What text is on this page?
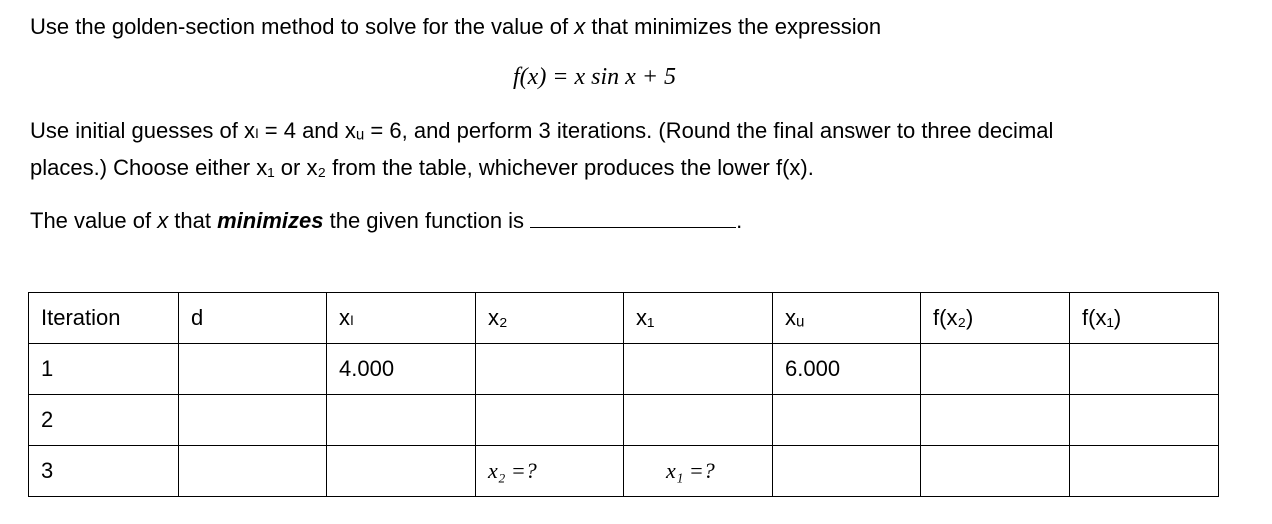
Use the golden-section method to solve for the value of x that minimizes the expression
f(x) = x sin x + 5
Use initial guesses of xₗ = 4 and xᵤ = 6, and perform 3 iterations. (Round the final answer to three decimal
places.) Choose either x₁ or x₂ from the table, whichever produces the lower f(x).
The value of x that minimizes the given function is	.
Iteration	d	xₗ	x₂	x₁	xᵤ	f(x₂)	f(x₁)
1		4.000			6.000		
2							
3			x₂ =?	x₁ =?			
